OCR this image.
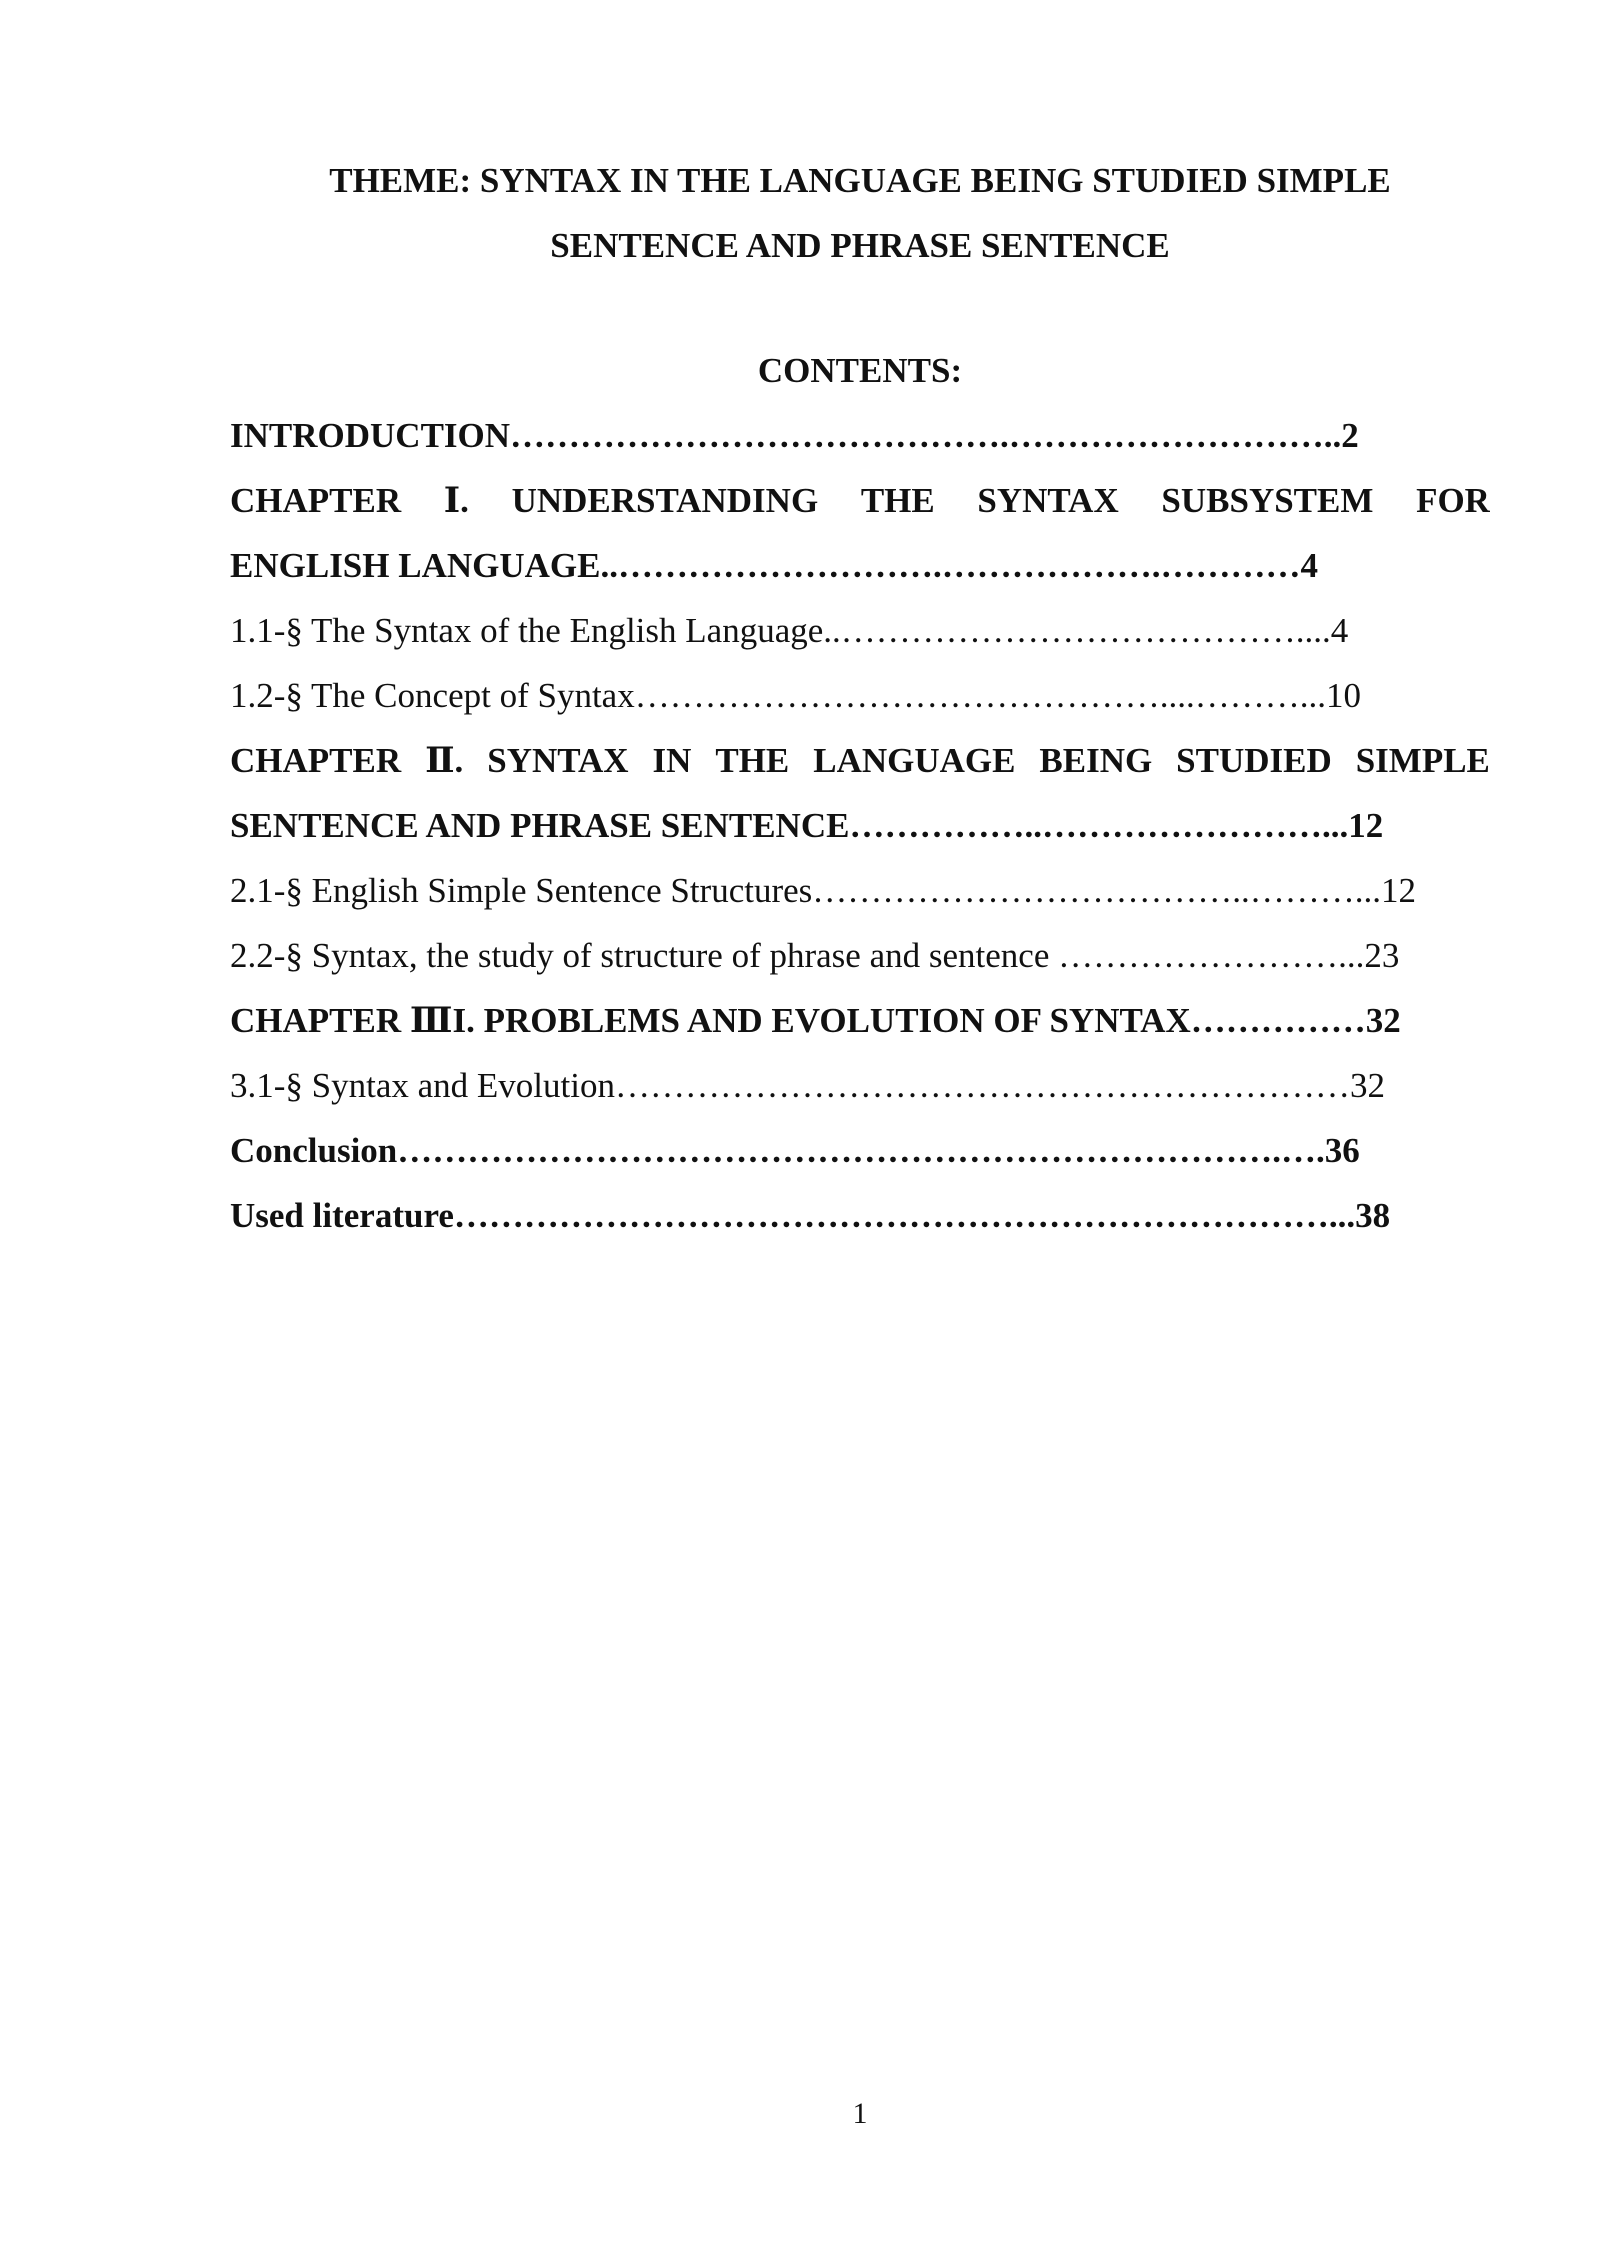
THEME: SYNTAX IN THE LANGUAGE BEING STUDIED SIMPLE
SENTENCE AND PHRASE SENTENCE
CONTENTS:
INTRODUCTION…………………………………….………………………..2
CHAPTER Ⅰ. UNDERSTANDING THE SYNTAX SUBSYSTEM FOR
ENGLISH LANGUAGE..……………………….……………….…………4
1.1-§ The Syntax of the English Language..…………………………………....4
1.2-§ The Concept of Syntax………………………………………....………...10
CHAPTER Ⅱ. SYNTAX IN THE LANGUAGE BEING STUDIED SIMPLE
SENTENCE AND PHRASE SENTENCE……………..……………………...12
2.1-§ English Simple Sentence Structures………………………………..………...12
2.2-§ Syntax, the study of structure of phrase and sentence ……………………...23
CHAPTER ⅢI. PROBLEMS AND EVOLUTION OF SYNTAX……………32
3.1-§ Syntax and Evolution………………………………………………………32
Conclusion………………………………………………………………….….36
Used literature…………………………………………………………………...38
1
